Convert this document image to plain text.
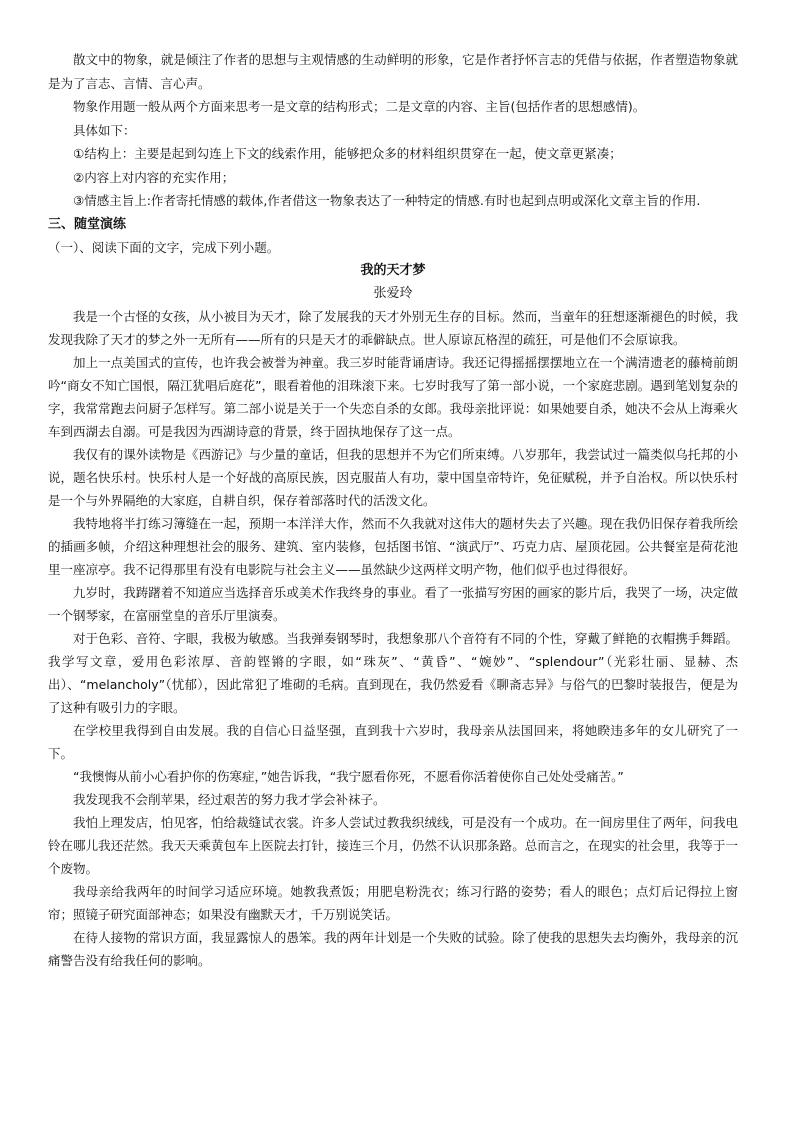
散文中的物象，就是倾注了作者的思想与主观情感的生动鲜明的形象，它是作者抒怀言志的凭借与依据，作者塑造物象就是为了言志、言情、言心声。

物象作用题一般从两个方面来思考一是文章的结构形式；二是文章的内容、主旨(包括作者的思想感情)。

具体如下：

①结构上：主要是起到勾连上下文的线索作用，能够把众多的材料组织贯穿在一起，使文章更紧凑；

②内容上对内容的充实作用；

③情感主旨上:作者寄托情感的载体,作者借这一物象表达了一种特定的情感.有时也起到点明或深化文章主旨的作用.

三、随堂演练

（一）、阅读下面的文字，完成下列小题。

我的天才梦

张爱玲

我是一个古怪的女孩，从小被目为天才，除了发展我的天才外别无生存的目标。然而，当童年的狂想逐渐褪色的时候，我发现我除了天才的梦之外一无所有——所有的只是天才的乖僻缺点。世人原谅瓦格涅的疏狂，可是他们不会原谅我。

加上一点美国式的宣传，也许我会被誉为神童。我三岁时能背诵唐诗。我还记得摇摇摆摆地立在一个满清遗老的藤椅前朗吟“商女不知亡国恨，隔江犹唱后庭花”，眼看着他的泪珠滚下来。七岁时我写了第一部小说，一个家庭悲剧。遇到笔划复杂的字，我常常跑去问厨子怎样写。第二部小说是关于一个失恋自杀的女郎。我母亲批评说：如果她要自杀，她决不会从上海乘火车到西湖去自溺。可是我因为西湖诗意的背景，终于固执地保存了这一点。

我仅有的课外读物是《西游记》与少量的童话，但我的思想并不为它们所束缚。八岁那年，我尝试过一篇类似乌托邦的小说，题名快乐村。快乐村人是一个好战的高原民族，因克服苗人有功，蒙中国皇帝特许，免征赋税，并予自治权。所以快乐村是一个与外界隔绝的大家庭，自耕自织，保存着部落时代的活泼文化。

我特地将半打练习簿缝在一起，预期一本洋洋大作，然而不久我就对这伟大的题材失去了兴趣。现在我仍旧保存着我所绘的插画多帧，介绍这种理想社会的服务、建筑、室内装修，包括图书馆、“演武厅”、巧克力店、屋顶花园。公共餐室是荷花池里一座凉亭。我不记得那里有没有电影院与社会主义——虽然缺少这两样文明产物，他们似乎也过得很好。

九岁时，我踌躇着不知道应当选择音乐或美术作我终身的事业。看了一张描写穷困的画家的影片后，我哭了一场，决定做一个钢琴家，在富丽堂皇的音乐厅里演奏。

对于色彩、音符、字眼，我极为敏感。当我弹奏钢琴时，我想象那八个音符有不同的个性，穿戴了鲜艳的衣帽携手舞蹈。我学写文章，爱用色彩浓厚、音韵铿锵的字眼，如“珠灰”、“黄昏”、“婉妙”、“splendour”（光彩壮丽、显赫、杰出）、“melancholy”（忧郁），因此常犯了堆砌的毛病。直到现在，我仍然爱看《聊斋志异》与俗气的巴黎时装报告，便是为了这种有吸引力的字眼。

在学校里我得到自由发展。我的自信心日益坚强，直到我十六岁时，我母亲从法国回来，将她睽违多年的女儿研究了一下。

“我懊悔从前小心看护你的伤寒症，”她告诉我，“我宁愿看你死，不愿看你活着使你自己处处受痛苦。”

我发现我不会削苹果，经过艰苦的努力我才学会补袜子。

我怕上理发店，怕见客，怕给裁缝试衣裳。许多人尝试过教我织绒线，可是没有一个成功。在一间房里住了两年，问我电铃在哪儿我还茫然。我天天乘黄包车上医院去打针，接连三个月，仍然不认识那条路。总而言之，在现实的社会里，我等于一个废物。

我母亲给我两年的时间学习适应环境。她教我煮饭；用肥皂粉洗衣；练习行路的姿势；看人的眼色；点灯后记得拉上窗帘；照镜子研究面部神态；如果没有幽默天才，千万别说笑话。

在待人接物的常识方面，我显露惊人的愚笨。我的两年计划是一个失败的试验。除了使我的思想失去均衡外，我母亲的沉痛警告没有给我任何的影响。
